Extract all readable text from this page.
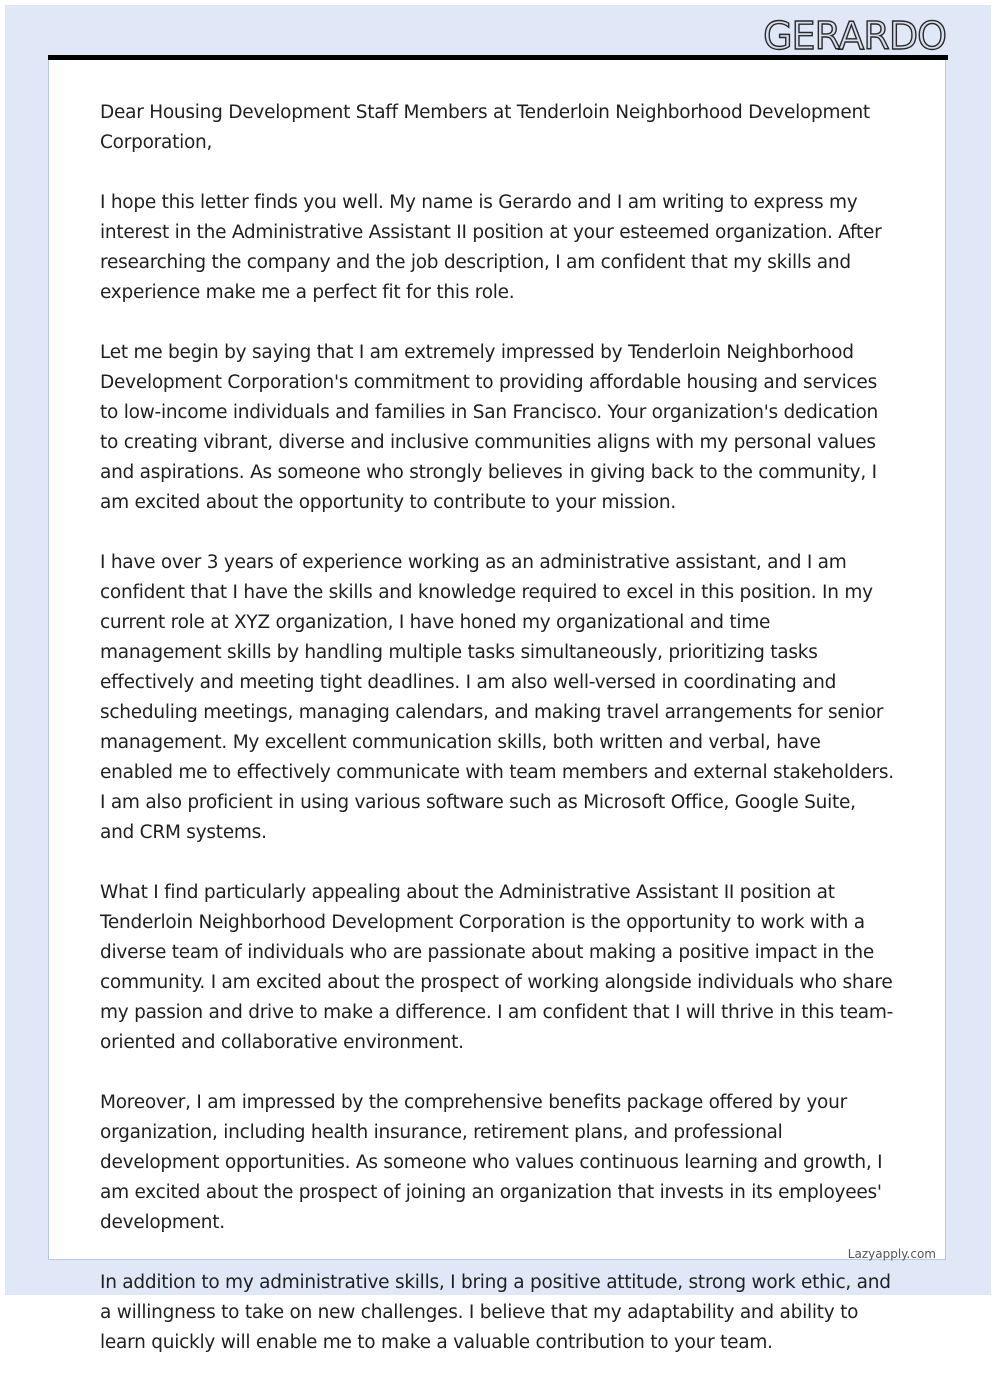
GERARDO

Dear Housing Development Staff Members at Tenderloin Neighborhood Development Corporation,

I hope this letter finds you well. My name is Gerardo and I am writing to express my interest in the Administrative Assistant II position at your esteemed organization. After researching the company and the job description, I am confident that my skills and experience make me a perfect fit for this role.

Let me begin by saying that I am extremely impressed by Tenderloin Neighborhood Development Corporation's commitment to providing affordable housing and services to low-income individuals and families in San Francisco. Your organization's dedication to creating vibrant, diverse and inclusive communities aligns with my personal values and aspirations. As someone who strongly believes in giving back to the community, I am excited about the opportunity to contribute to your mission.

I have over 3 years of experience working as an administrative assistant, and I am confident that I have the skills and knowledge required to excel in this position. In my current role at XYZ organization, I have honed my organizational and time management skills by handling multiple tasks simultaneously, prioritizing tasks effectively and meeting tight deadlines. I am also well-versed in coordinating and scheduling meetings, managing calendars, and making travel arrangements for senior management. My excellent communication skills, both written and verbal, have enabled me to effectively communicate with team members and external stakeholders. I am also proficient in using various software such as Microsoft Office, Google Suite, and CRM systems.

What I find particularly appealing about the Administrative Assistant II position at Tenderloin Neighborhood Development Corporation is the opportunity to work with a diverse team of individuals who are passionate about making a positive impact in the community. I am excited about the prospect of working alongside individuals who share my passion and drive to make a difference. I am confident that I will thrive in this team-oriented and collaborative environment.

Moreover, I am impressed by the comprehensive benefits package offered by your organization, including health insurance, retirement plans, and professional development opportunities. As someone who values continuous learning and growth, I am excited about the prospect of joining an organization that invests in its employees' development.

In addition to my administrative skills, I bring a positive attitude, strong work ethic, and a willingness to take on new challenges. I believe that my adaptability and ability to learn quickly will enable me to make a valuable contribution to your team.

Lazyapply.com
